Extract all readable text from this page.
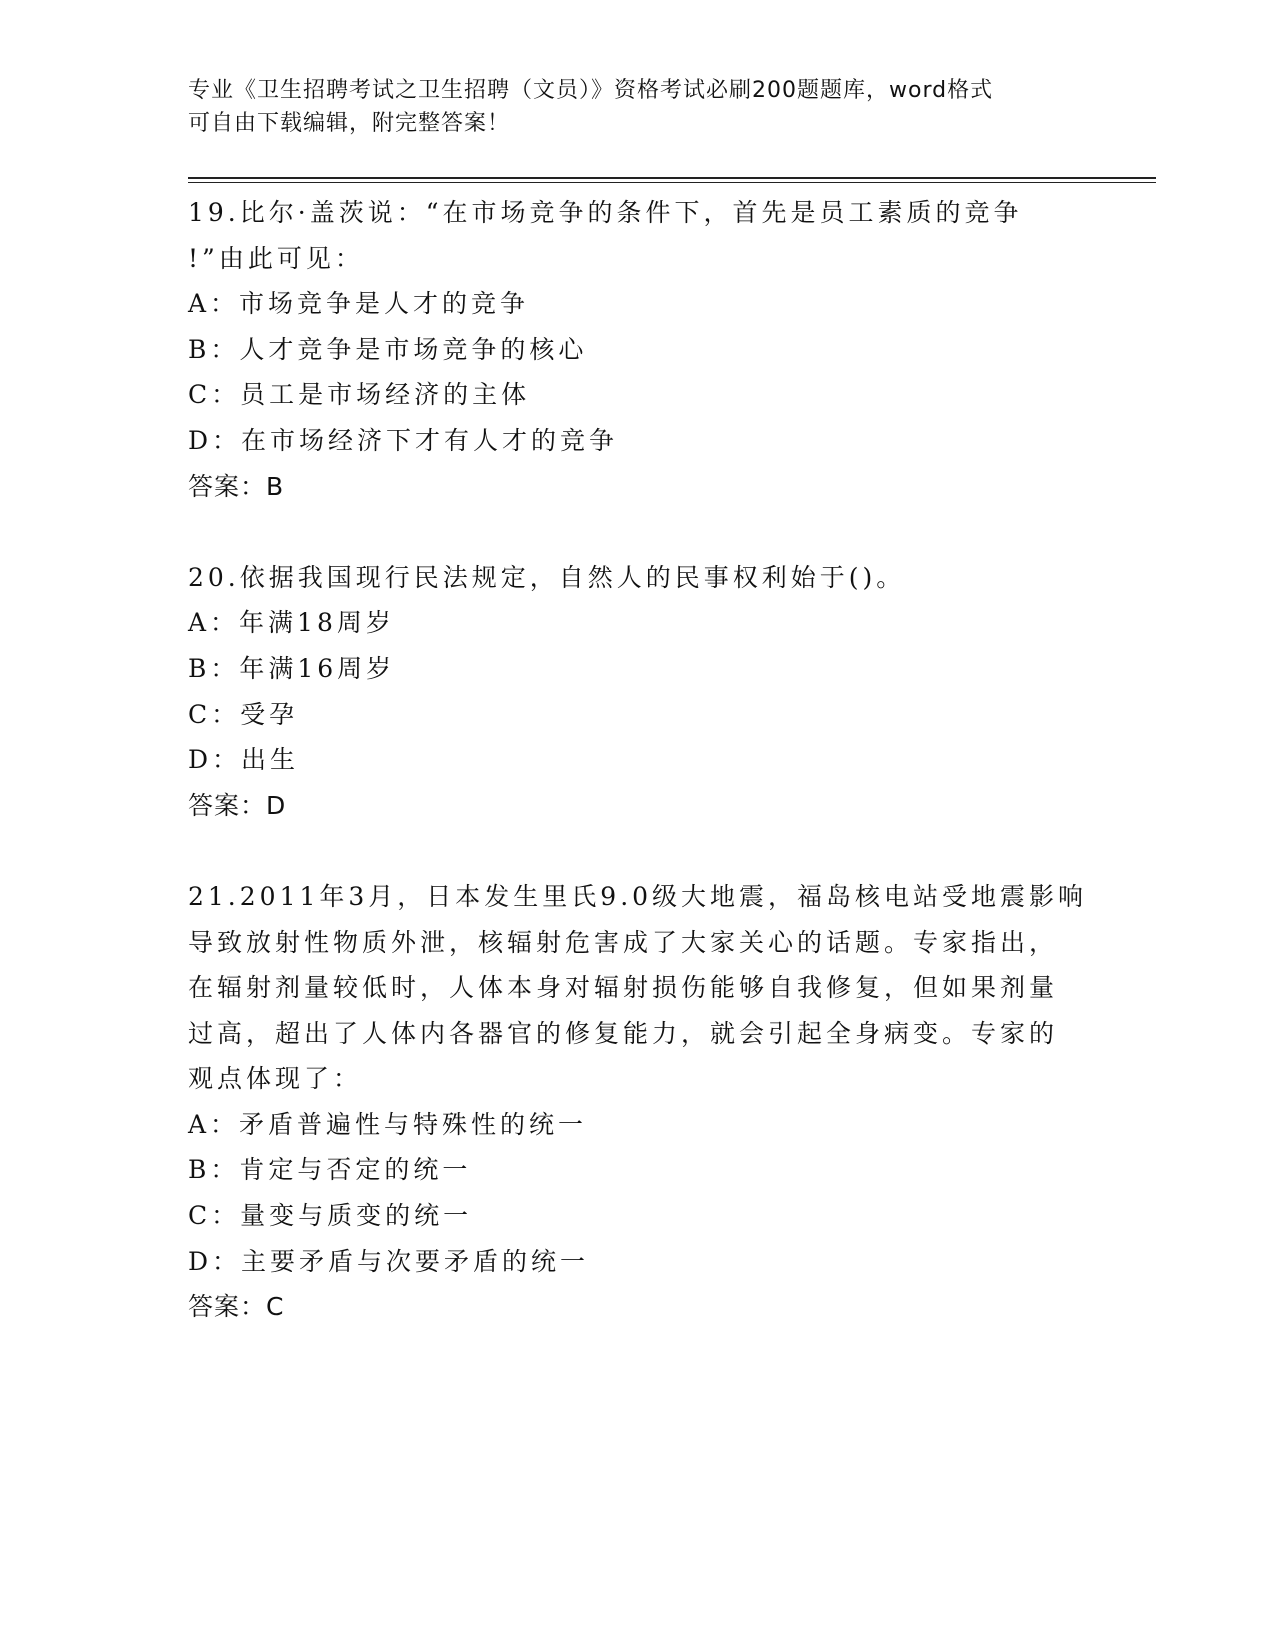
专业《卫生招聘考试之卫生招聘（文员）》资格考试必刷200题题库，word格式
可自由下载编辑，附完整答案！
19.比尔·盖茨说：“在市场竞争的条件下，首先是员工素质的竞争
!”由此可见：
A：市场竞争是人才的竞争
B：人才竞争是市场竞争的核心
C：员工是市场经济的主体
D：在市场经济下才有人才的竞争
答案：B
20.依据我国现行民法规定，自然人的民事权利始于()。
A：年满18周岁
B：年满16周岁
C：受孕
D：出生
答案：D
21.2011年3月，日本发生里氏9.0级大地震，福岛核电站受地震影响
导致放射性物质外泄，核辐射危害成了大家关心的话题。专家指出，
在辐射剂量较低时，人体本身对辐射损伤能够自我修复，但如果剂量
过高，超出了人体内各器官的修复能力，就会引起全身病变。专家的
观点体现了：
A：矛盾普遍性与特殊性的统一
B：肯定与否定的统一
C：量变与质变的统一
D：主要矛盾与次要矛盾的统一
答案：C
